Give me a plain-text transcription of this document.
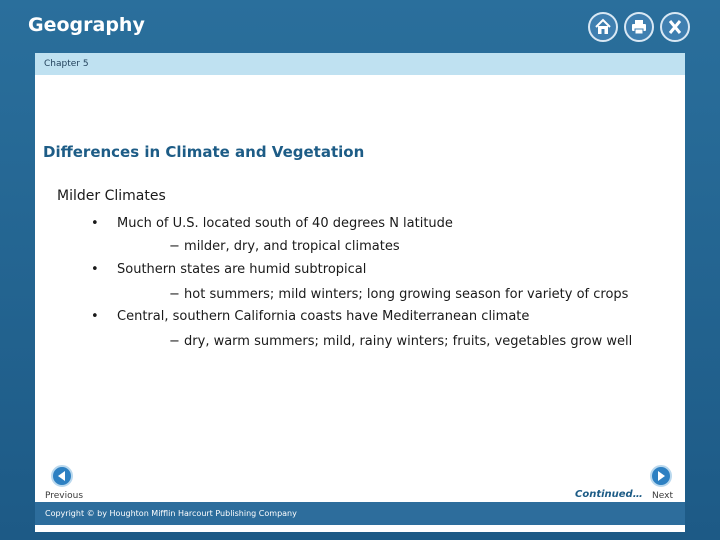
Geography
Chapter 5
Differences in Climate and Vegetation
Milder Climates
• Much of U.S. located south of 40 degrees N latitude
− milder, dry, and tropical climates
• Southern states are humid subtropical
− hot summers; mild winters; long growing season for variety of crops
• Central, southern California coasts have Mediterranean climate
− dry, warm summers; mild, rainy winters; fruits, vegetables grow well
Previous	Continued… Next
Copyright © by Houghton Mifflin Harcourt Publishing Company
